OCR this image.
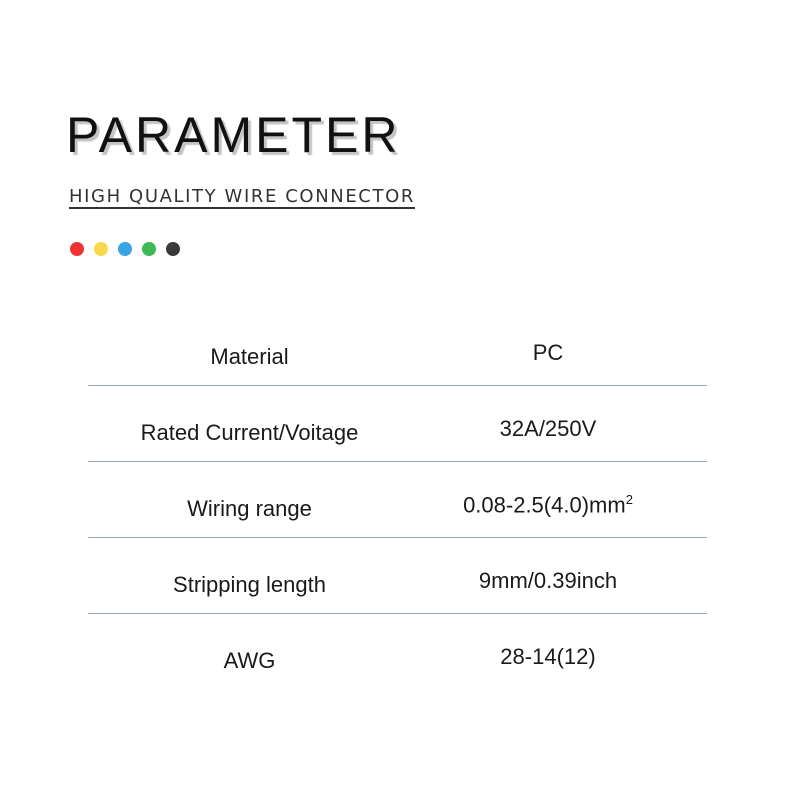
PARAMETER
HIGH QUALITY WIRE CONNECTOR
Material	PC
Rated Current/Voitage	32A/250V
Wiring range	$0.08-2.5(4.0)mm^2$
Stripping length	9mm/0.39inch
AWG	28-14(12)
